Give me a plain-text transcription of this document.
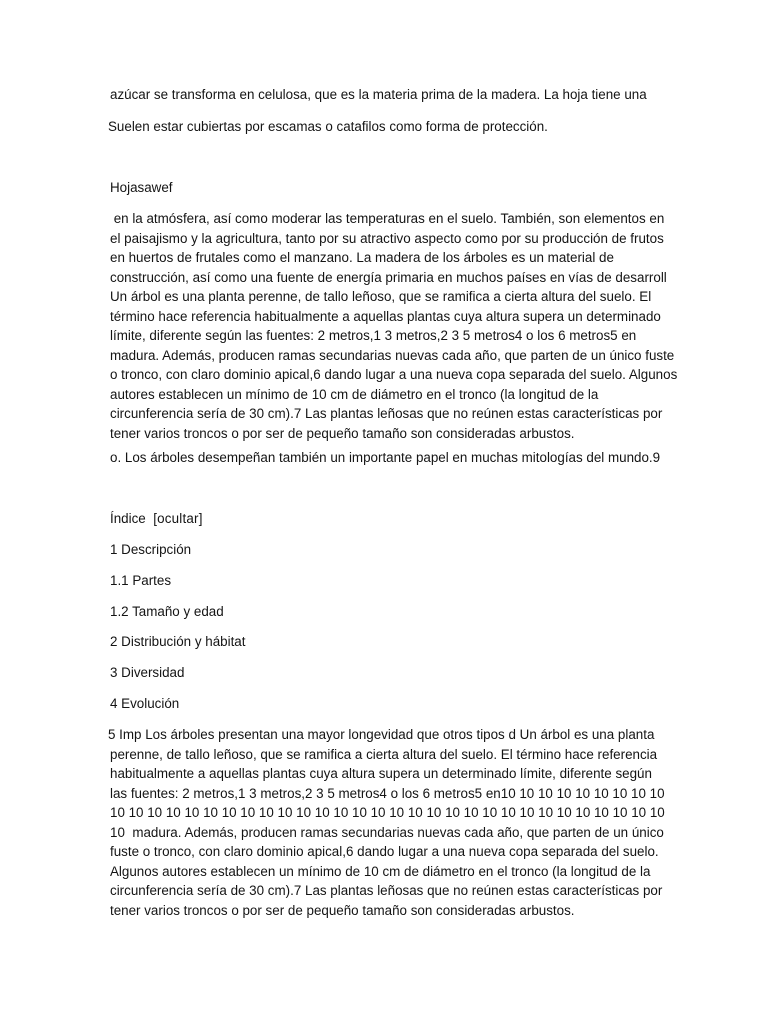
azúcar se transforma en celulosa, que es la materia prima de la madera. La hoja tiene una

Suelen estar cubiertas por escamas o catafilos como forma de protección.

Hojasawef

en la atmósfera, así como moderar las temperaturas en el suelo. También, son elementos en
el paisajismo y la agricultura, tanto por su atractivo aspecto como por su producción de frutos
en huertos de frutales como el manzano. La madera de los árboles es un material de
construcción, así como una fuente de energía primaria en muchos países en vías de desarroll
Un árbol es una planta perenne, de tallo leñoso, que se ramifica a cierta altura del suelo. El
término hace referencia habitualmente a aquellas plantas cuya altura supera un determinado
límite, diferente según las fuentes: 2 metros,1 3 metros,2 3 5 metros4 o los 6 metros5 en
madura. Además, producen ramas secundarias nuevas cada año, que parten de un único fuste
o tronco, con claro dominio apical,6 dando lugar a una nueva copa separada del suelo. Algunos
autores establecen un mínimo de 10 cm de diámetro en el tronco (la longitud de la
circunferencia sería de 30 cm).7 Las plantas leñosas que no reúnen estas características por
tener varios troncos o por ser de pequeño tamaño son consideradas arbustos.

o. Los árboles desempeñan también un importante papel en muchas mitologías del mundo.9

Índice [ocultar]

1 Descripción

1.1 Partes

1.2 Tamaño y edad

2 Distribución y hábitat

3 Diversidad

4 Evolución

5 Imp Los árboles presentan una mayor longevidad que otros tipos d Un árbol es una planta
perenne, de tallo leñoso, que se ramifica a cierta altura del suelo. El término hace referencia
habitualmente a aquellas plantas cuya altura supera un determinado límite, diferente según
las fuentes: 2 metros,1 3 metros,2 3 5 metros4 o los 6 metros5 en10 10 10 10 10 10 10 10 10
10 10 10 10 10 10 10 10 10 10 10 10 10 10 10 10 10 10 10 10 10 10 10 10 10 10 10 10 10 10
10  madura. Además, producen ramas secundarias nuevas cada año, que parten de un único
fuste o tronco, con claro dominio apical,6 dando lugar a una nueva copa separada del suelo.
Algunos autores establecen un mínimo de 10 cm de diámetro en el tronco (la longitud de la
circunferencia sería de 30 cm).7 Las plantas leñosas que no reúnen estas características por
tener varios troncos o por ser de pequeño tamaño son consideradas arbustos.
